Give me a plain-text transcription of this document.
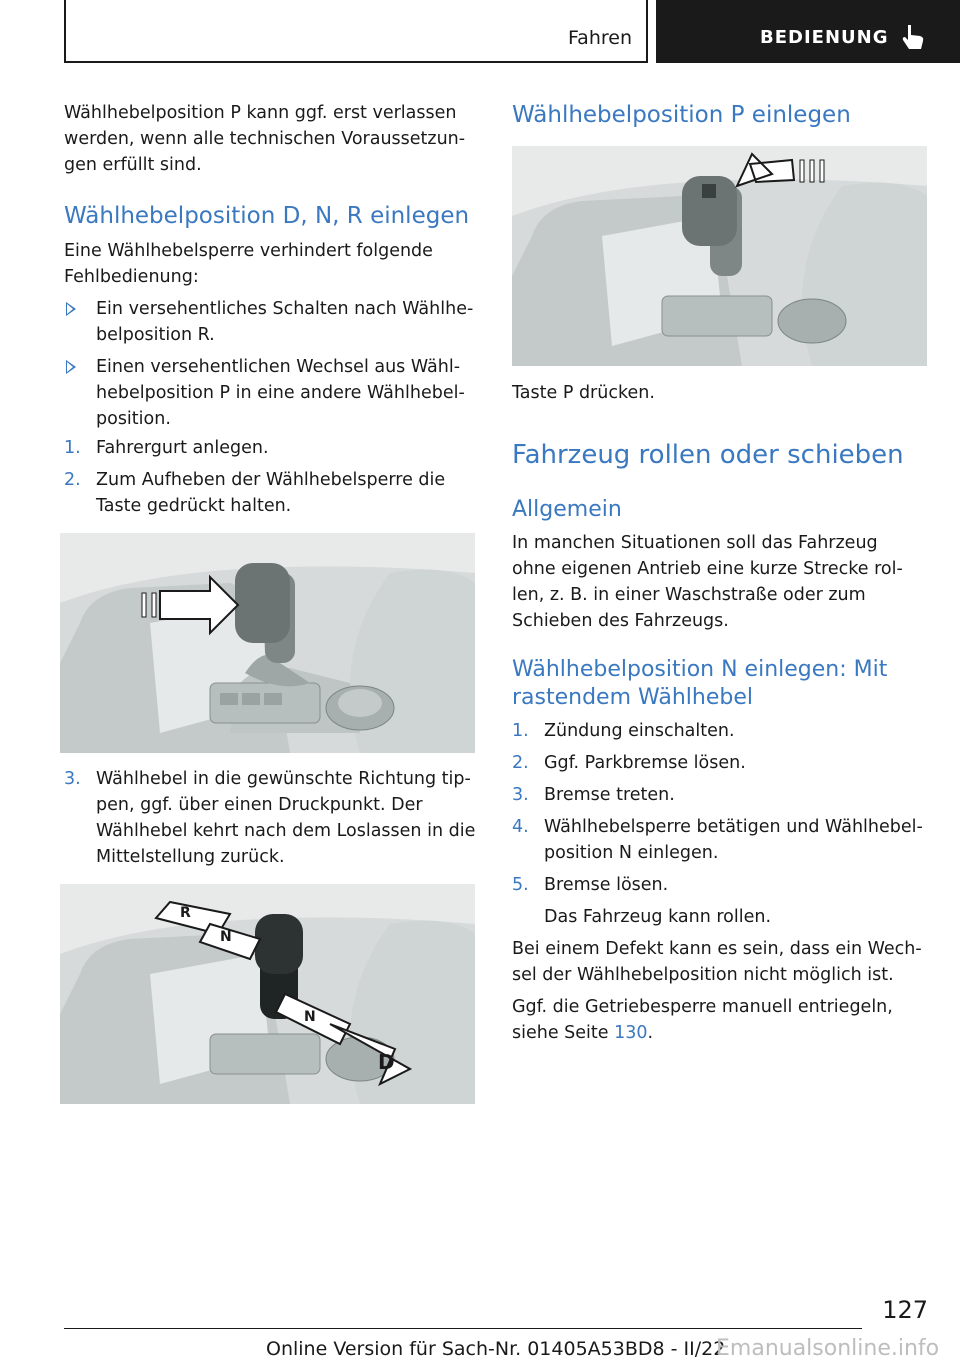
Fahren	BEDIENUNG
Wählhebelposition P kann ggf. erst verlassen werden, wenn alle technischen Voraussetzungen erfüllt sind.
Wählhebelposition D, N, R einlegen
Eine Wählhebelsperre verhindert folgende Fehlbedienung:
Ein versehentliches Schalten nach Wählhebelposition R.
Einen versehentlichen Wechsel aus Wählhebelposition P in eine andere Wählhebelposition.
1. Fahrergurt anlegen.
2. Zum Aufheben der Wählhebelsperre die Taste gedrückt halten.
3. Wählhebel in die gewünschte Richtung tippen, ggf. über einen Druckpunkt. Der Wählhebel kehrt nach dem Loslassen in die Mittelstellung zurück.
R
N
N
D
Wählhebelposition P einlegen
Taste P drücken.
Fahrzeug rollen oder schieben
Allgemein
In manchen Situationen soll das Fahrzeug ohne eigenen Antrieb eine kurze Strecke rollen, z. B. in einer Waschstraße oder zum Schieben des Fahrzeugs.
Wählhebelposition N einlegen: Mit rastendem Wählhebel
1. Zündung einschalten.
2. Ggf. Parkbremse lösen.
3. Bremse treten.
4. Wählhebelsperre betätigen und Wählhebelposition N einlegen.
5. Bremse lösen.
Das Fahrzeug kann rollen.
Bei einem Defekt kann es sein, dass ein Wechsel der Wählhebelposition nicht möglich ist.
Ggf. die Getriebesperre manuell entriegeln, siehe Seite 130.
127
Online Version für Sach-Nr. 01405A53BD8 - II/22
Emanualsonline.info
